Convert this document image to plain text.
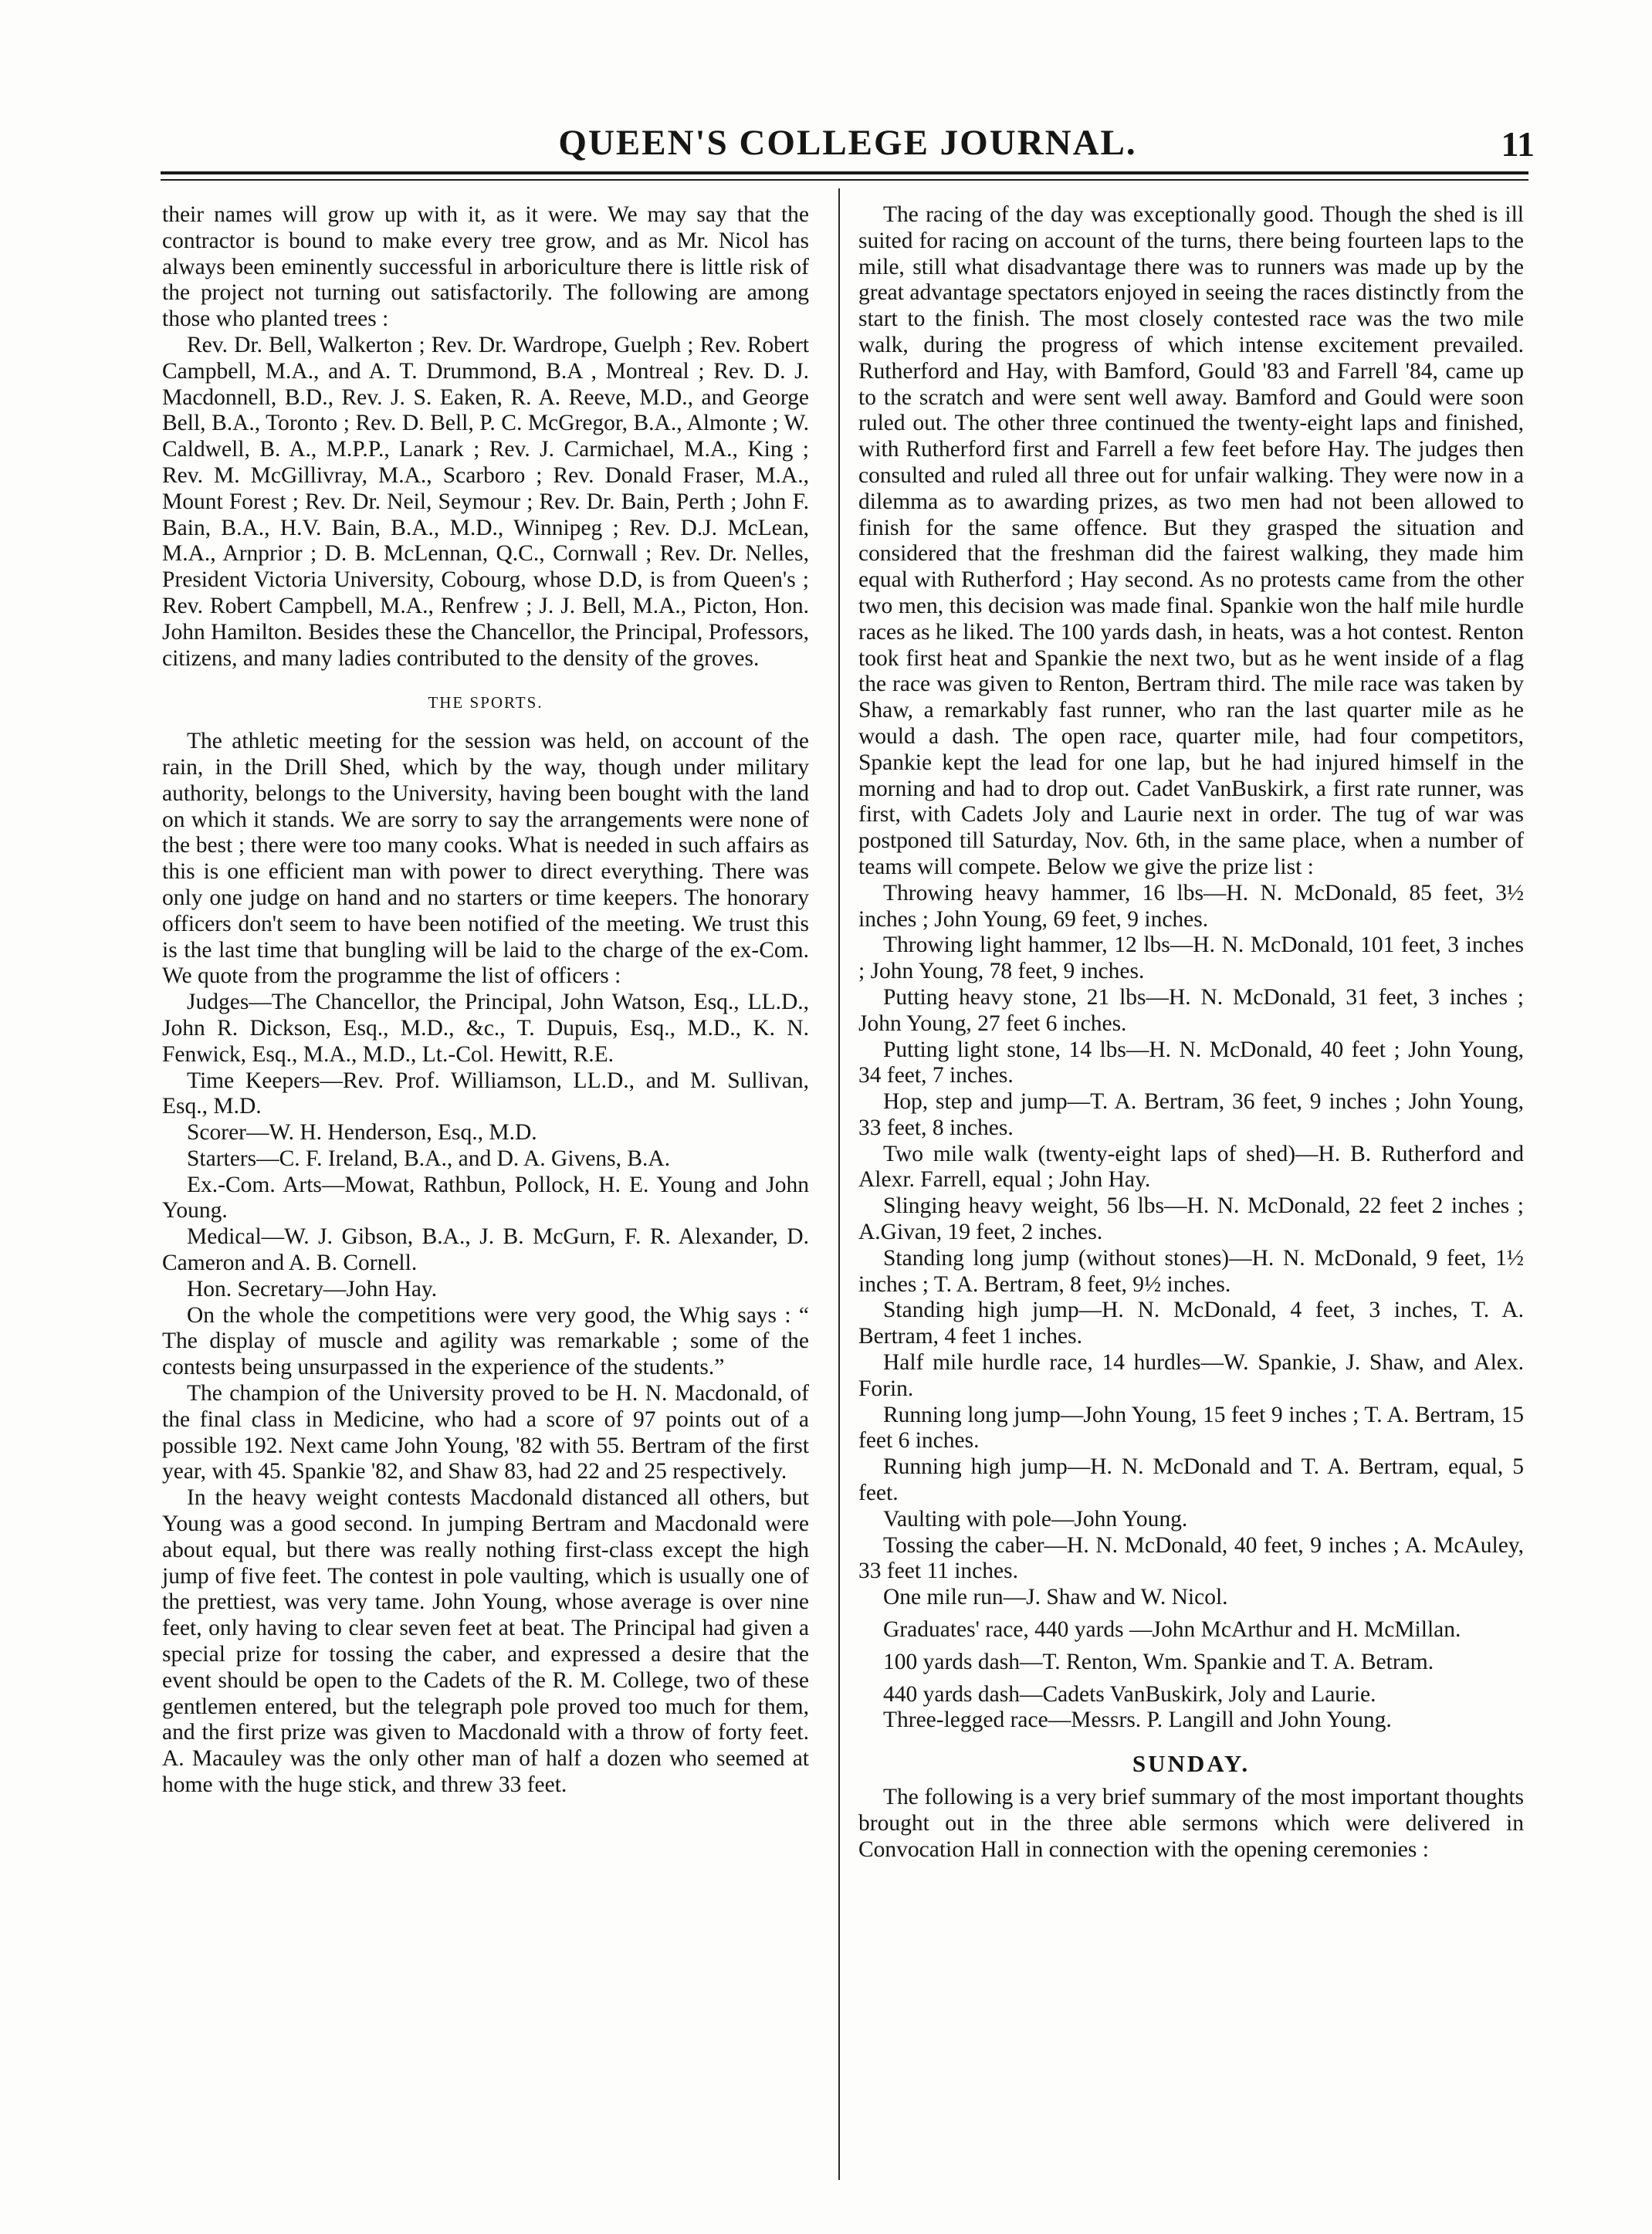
QUEEN'S COLLEGE JOURNAL.	11

their names will grow up with it, as it were. We may say that the contractor is bound to make every tree grow, and as Mr. Nicol has always been eminently successful in arboriculture there is little risk of the project not turning out satisfactorily. The following are among those who planted trees :

Rev. Dr. Bell, Walkerton ; Rev. Dr. Wardrope, Guelph ; Rev. Robert Campbell, M.A., and A. T. Drummond, B.A , Montreal ; Rev. D. J. Macdonnell, B.D., Rev. J. S. Eaken, R. A. Reeve, M.D., and George Bell, B.A., Toronto ; Rev. D. Bell, P. C. McGregor, B.A., Almonte ; W. Caldwell, B. A., M.P.P., Lanark ; Rev. J. Carmichael, M.A., King ; Rev. M. McGillivray, M.A., Scarboro ; Rev. Donald Fraser, M.A., Mount Forest ; Rev. Dr. Neil, Seymour ; Rev. Dr. Bain, Perth ; John F. Bain, B.A., H.V. Bain, B.A., M.D., Winnipeg ; Rev. D.J. McLean, M.A., Arnprior ; D. B. McLennan, Q.C., Cornwall ; Rev. Dr. Nelles, President Victoria University, Cobourg, whose D.D, is from Queen's ; Rev. Robert Campbell, M.A., Renfrew ; J. J. Bell, M.A., Picton, Hon. John Hamilton. Besides these the Chancellor, the Principal, Professors, citizens, and many ladies contributed to the density of the groves.

THE SPORTS.

The athletic meeting for the session was held, on account of the rain, in the Drill Shed, which by the way, though under military authority, belongs to the University, having been bought with the land on which it stands. We are sorry to say the arrangements were none of the best ; there were too many cooks. What is needed in such affairs as this is one efficient man with power to direct everything. There was only one judge on hand and no starters or time keepers. The honorary officers don't seem to have been notified of the meeting. We trust this is the last time that bungling will be laid to the charge of the ex-Com. We quote from the programme the list of officers :

Judges—The Chancellor, the Principal, John Watson, Esq., LL.D., John R. Dickson, Esq., M.D., &c., T. Dupuis, Esq., M.D., K. N. Fenwick, Esq., M.A., M.D., Lt.-Col. Hewitt, R.E.

Time Keepers—Rev. Prof. Williamson, LL.D., and M. Sullivan, Esq., M.D.

Scorer—W. H. Henderson, Esq., M.D.

Starters—C. F. Ireland, B.A., and D. A. Givens, B.A.

Ex.-Com. Arts—Mowat, Rathbun, Pollock, H. E. Young and John Young.

Medical—W. J. Gibson, B.A., J. B. McGurn, F. R. Alexander, D. Cameron and A. B. Cornell.

Hon. Secretary—John Hay.

On the whole the competitions were very good, the Whig says : “ The display of muscle and agility was remarkable ; some of the contests being unsurpassed in the experience of the students.”

The champion of the University proved to be H. N. Macdonald, of the final class in Medicine, who had a score of 97 points out of a possible 192. Next came John Young, '82 with 55. Bertram of the first year, with 45. Spankie '82, and Shaw 83, had 22 and 25 respectively.

In the heavy weight contests Macdonald distanced all others, but Young was a good second. In jumping Bertram and Macdonald were about equal, but there was really nothing first-class except the high jump of five feet. The contest in pole vaulting, which is usually one of the prettiest, was very tame. John Young, whose average is over nine feet, only having to clear seven feet at beat. The Principal had given a special prize for tossing the caber, and expressed a desire that the event should be open to the Cadets of the R. M. College, two of these gentlemen entered, but the telegraph pole proved too much for them, and the first prize was given to Macdonald with a throw of forty feet. A. Macauley was the only other man of half a dozen who seemed at home with the huge stick, and threw 33 feet.

The racing of the day was exceptionally good. Though the shed is ill suited for racing on account of the turns, there being fourteen laps to the mile, still what disadvantage there was to runners was made up by the great advantage spectators enjoyed in seeing the races distinctly from the start to the finish. The most closely contested race was the two mile walk, during the progress of which intense excitement prevailed. Rutherford and Hay, with Bamford, Gould '83 and Farrell '84, came up to the scratch and were sent well away. Bamford and Gould were soon ruled out. The other three continued the twenty-eight laps and finished, with Rutherford first and Farrell a few feet before Hay. The judges then consulted and ruled all three out for unfair walking. They were now in a dilemma as to awarding prizes, as two men had not been allowed to finish for the same offence. But they grasped the situation and considered that the freshman did the fairest walking, they made him equal with Rutherford ; Hay second. As no protests came from the other two men, this decision was made final. Spankie won the half mile hurdle races as he liked. The 100 yards dash, in heats, was a hot contest. Renton took first heat and Spankie the next two, but as he went inside of a flag the race was given to Renton, Bertram third. The mile race was taken by Shaw, a remarkably fast runner, who ran the last quarter mile as he would a dash. The open race, quarter mile, had four competitors, Spankie kept the lead for one lap, but he had injured himself in the morning and had to drop out. Cadet VanBuskirk, a first rate runner, was first, with Cadets Joly and Laurie next in order. The tug of war was postponed till Saturday, Nov. 6th, in the same place, when a number of teams will compete. Below we give the prize list :

Throwing heavy hammer, 16 lbs—H. N. McDonald, 85 feet, 3½ inches ; John Young, 69 feet, 9 inches.

Throwing light hammer, 12 lbs—H. N. McDonald, 101 feet, 3 inches ; John Young, 78 feet, 9 inches.

Putting heavy stone, 21 lbs—H. N. McDonald, 31 feet, 3 inches ; John Young, 27 feet 6 inches.

Putting light stone, 14 lbs—H. N. McDonald, 40 feet ; John Young, 34 feet, 7 inches.

Hop, step and jump—T. A. Bertram, 36 feet, 9 inches ; John Young, 33 feet, 8 inches.

Two mile walk (twenty-eight laps of shed)—H. B. Rutherford and Alexr. Farrell, equal ; John Hay.

Slinging heavy weight, 56 lbs—H. N. McDonald, 22 feet 2 inches ; A.Givan, 19 feet, 2 inches.

Standing long jump (without stones)—H. N. McDonald, 9 feet, 1½ inches ; T. A. Bertram, 8 feet, 9½ inches.

Standing high jump—H. N. McDonald, 4 feet, 3 inches, T. A. Bertram, 4 feet 1 inches.

Half mile hurdle race, 14 hurdles—W. Spankie, J. Shaw, and Alex. Forin.

Running long jump—John Young, 15 feet 9 inches ; T. A. Bertram, 15 feet 6 inches.

Running high jump—H. N. McDonald and T. A. Bertram, equal, 5 feet.

Vaulting with pole—John Young.

Tossing the caber—H. N. McDonald, 40 feet, 9 inches ; A. McAuley, 33 feet 11 inches.

One mile run—J. Shaw and W. Nicol.

Graduates' race, 440 yards —John McArthur and H. McMillan.

100 yards dash—T. Renton, Wm. Spankie and T. A. Betram.

440 yards dash—Cadets VanBuskirk, Joly and Laurie.

Three-legged race—Messrs. P. Langill and John Young.

SUNDAY.

The following is a very brief summary of the most important thoughts brought out in the three able sermons which were delivered in Convocation Hall in connection with the opening ceremonies :
